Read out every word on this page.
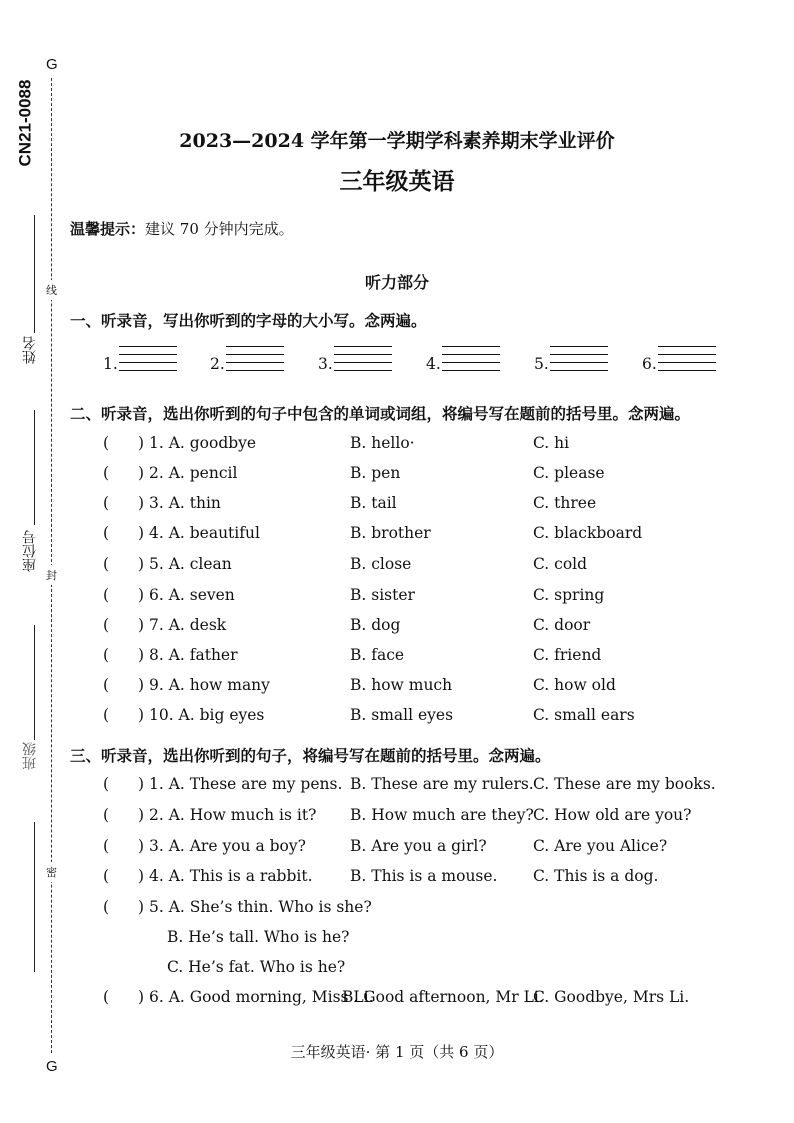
CN21-0088
G
G
线
封
密
姓名
座位号
班级
2023—2024 学年第一学期学科素养期末学业评价
三年级英语
温馨提示：建议 70 分钟内完成。
听力部分
一、听录音，写出你听到的字母的大小写。念两遍。
1.	2.	3.	4.	5.	6.
二、听录音，选出你听到的句子中包含的单词或词组，将编号写在题前的括号里。念两遍。
( ) 1. A. goodbye	B. hello·	C. hi
( ) 2. A. pencil	B. pen	C. please
( ) 3. A. thin	B. tail	C. three
( ) 4. A. beautiful	B. brother	C. blackboard
( ) 5. A. clean	B. close	C. cold
( ) 6. A. seven	B. sister	C. spring
( ) 7. A. desk	B. dog	C. door
( ) 8. A. father	B. face	C. friend
( ) 9. A. how many	B. how much	C. how old
( ) 10. A. big eyes	B. small eyes	C. small ears
三、听录音，选出你听到的句子，将编号写在题前的括号里。念两遍。
( ) 1. A. These are my pens. B. These are my rulers. C. These are my books.
( ) 2. A. How much is it? B. How much are they? C. How old are you?
( ) 3. A. Are you a boy?	B. Are you a girl?	C. Are you Alice?
( ) 4. A. This is a rabbit. B. This is a mouse. C. This is a dog.
( ) 5. A. She’s thin. Who is she?
B. He’s tall. Who is he?
C. He’s fat. Who is he?
( ) 6. A. Good morning, Miss Li.
B. Good afternoon, Mr Li.
C. Goodbye, Mrs Li.
三年级英语· 第 1 页（共 6 页）
